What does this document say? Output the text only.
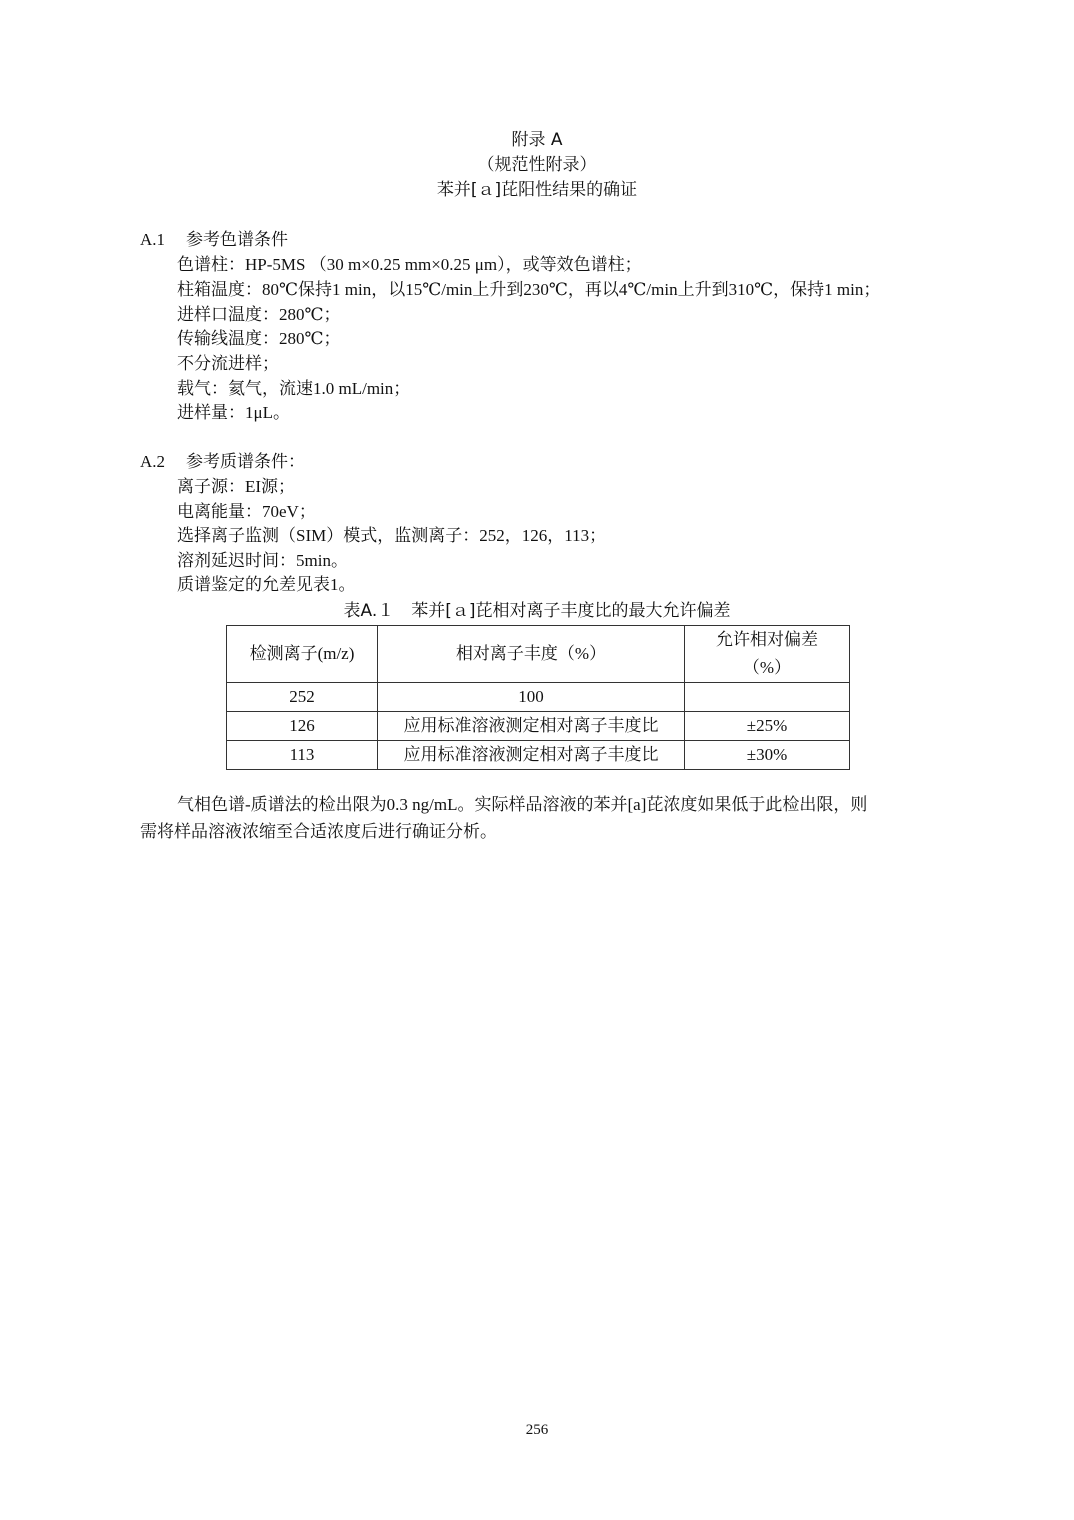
附录 A
（规范性附录）
苯并[ａ]芘阳性结果的确证
A.1 参考色谱条件
色谱柱：HP-5MS （30 m×0.25 mm×0.25 μm），或等效色谱柱；
柱箱温度：80℃保持1 min，以15℃/min上升到230℃，再以4℃/min上升到310℃，保持1 min；
进样口温度：280℃；
传输线温度：280℃；
不分流进样；
载气：氦气，流速1.0 mL/min；
进样量：1μL。
A.2 参考质谱条件：
离子源：EI源；
电离能量：70eV；
选择离子监测（SIM）模式，监测离子：252，126，113；
溶剂延迟时间：5min。
质谱鉴定的允差见表1。
表A.１　苯并[ａ]芘相对离子丰度比的最大允许偏差
检测离子(m/z)	相对离子丰度（%）	允许相对偏差
（%）

252	100	
126	应用标准溶液测定相对离子丰度比	±25%
113	应用标准溶液测定相对离子丰度比	±30%
气相色谱-质谱法的检出限为0.3 ng/mL。实际样品溶液的苯并[a]芘浓度如果低于此检出限，则
需将样品溶液浓缩至合适浓度后进行确证分析。
256
